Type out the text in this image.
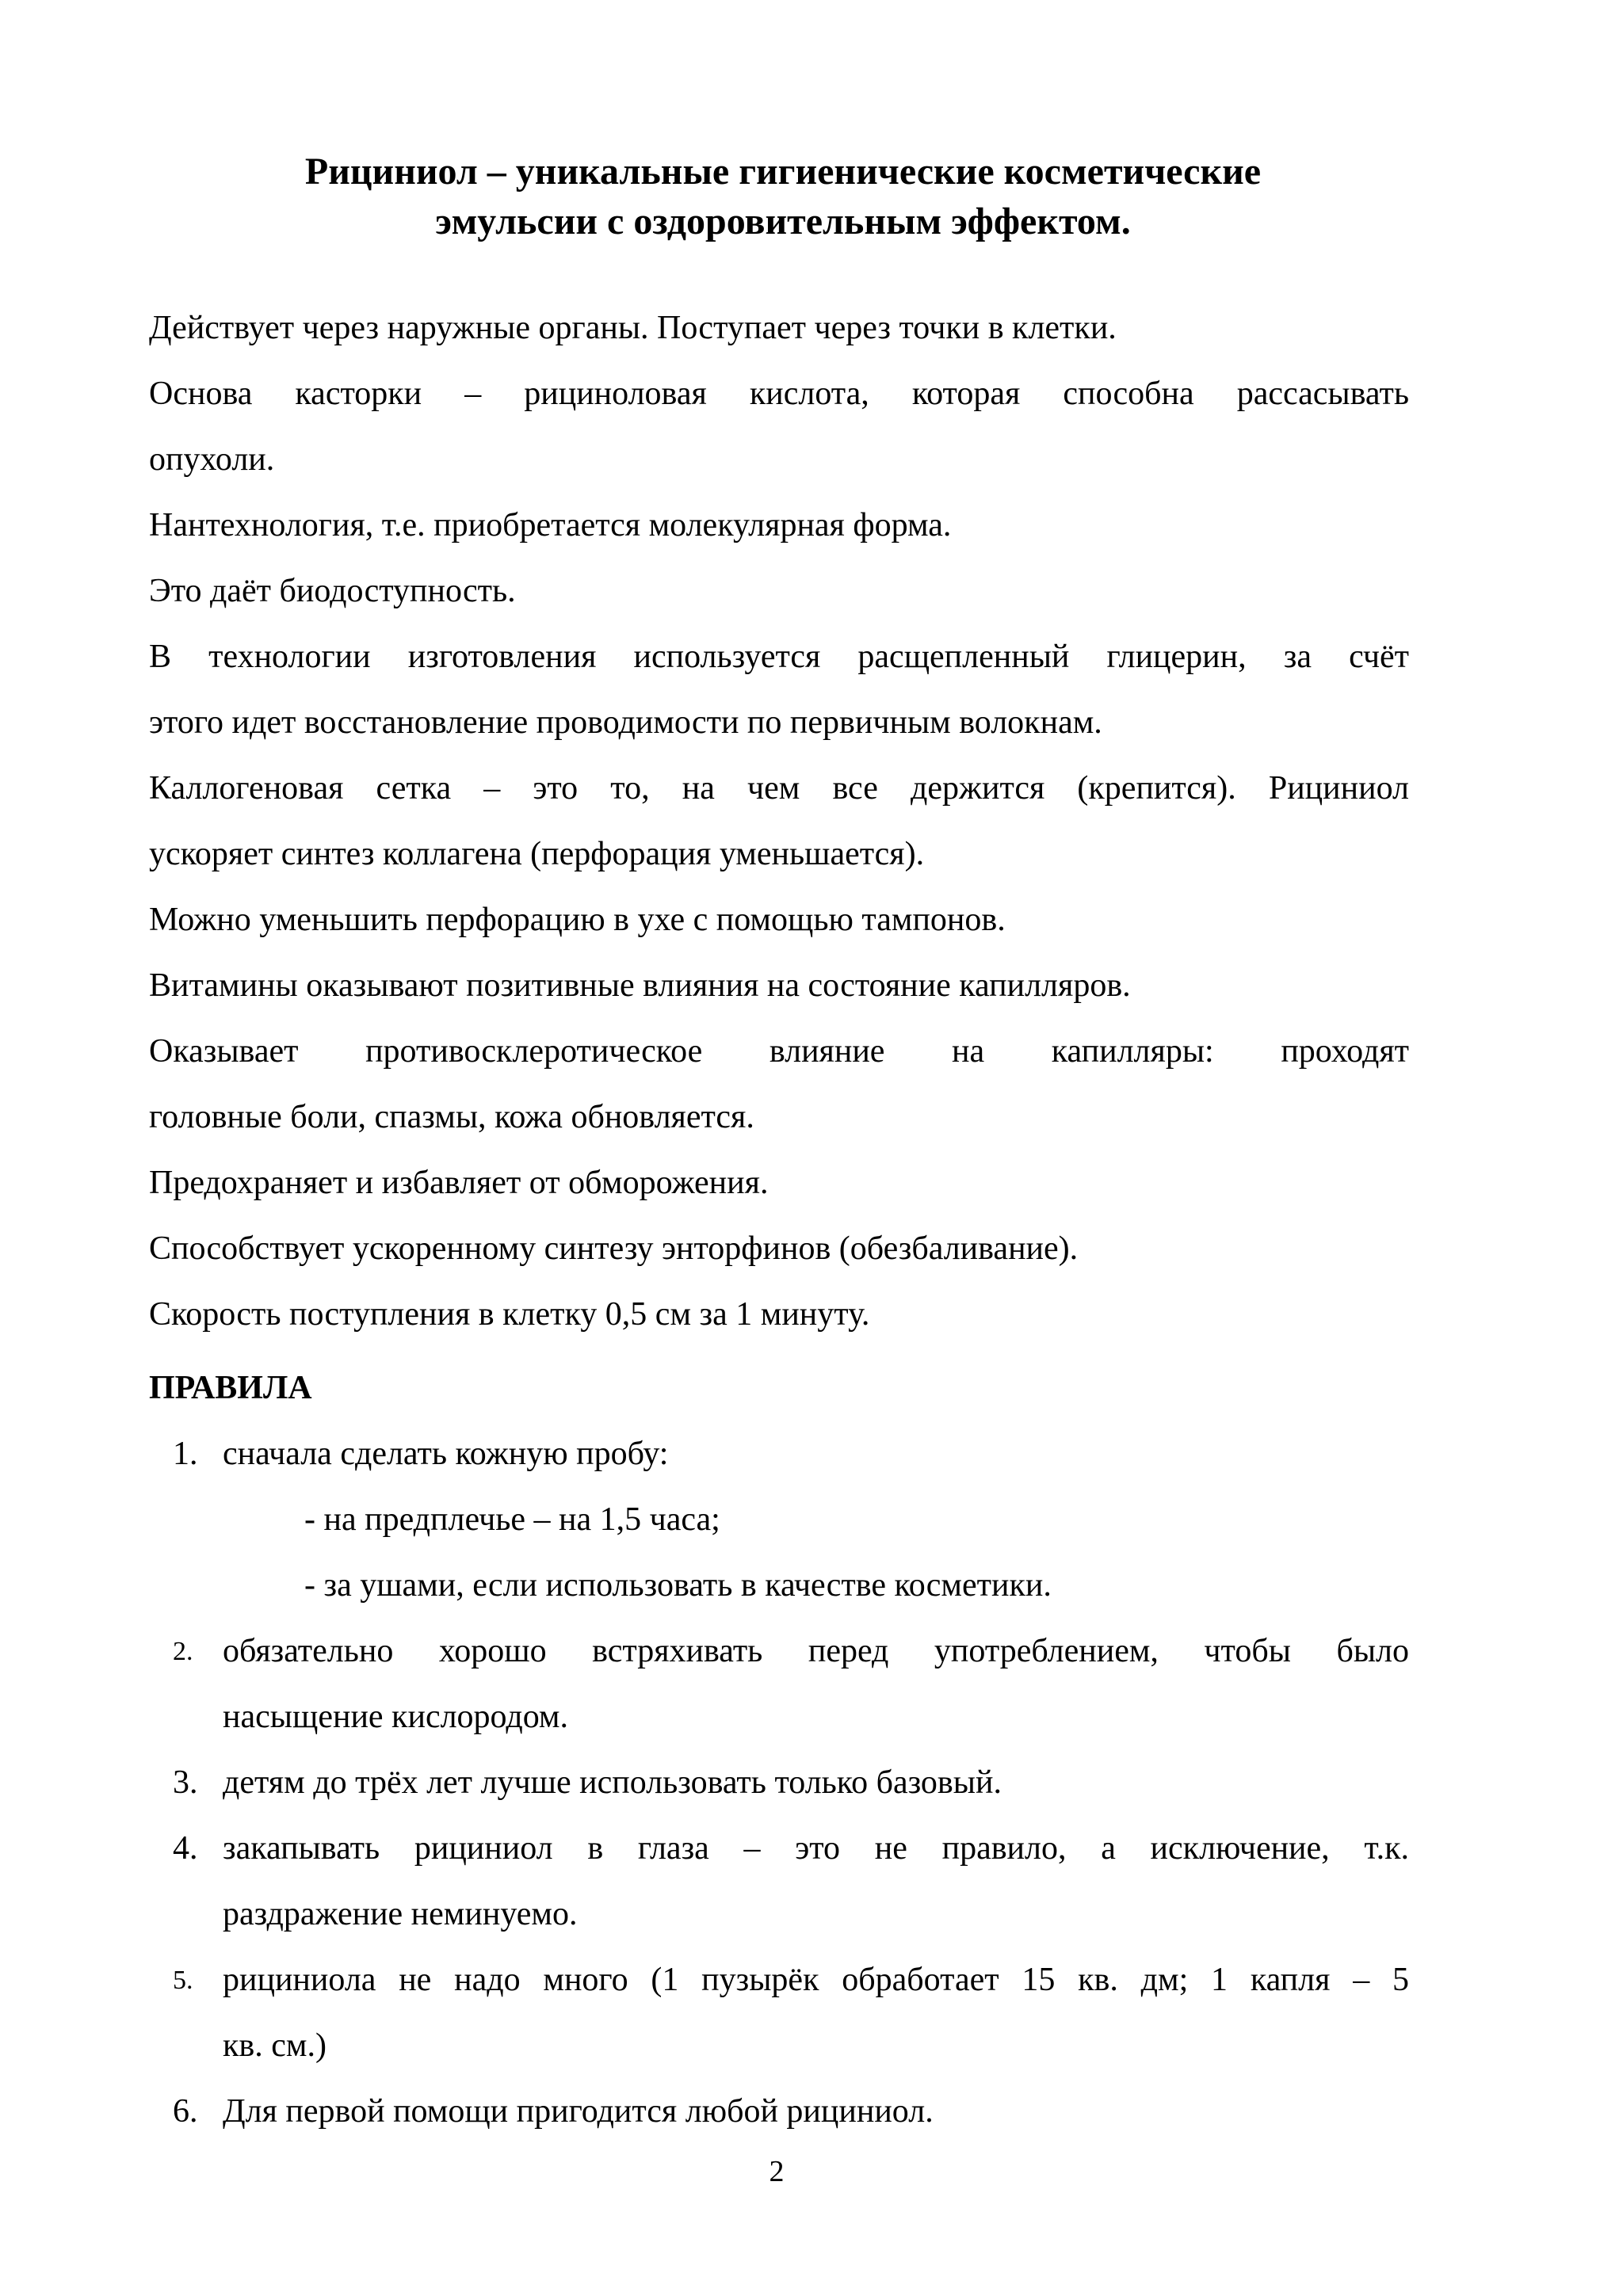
Рициниол – уникальные гигиенические косметические
эмульсии с оздоровительным эффектом.
Действует через наружные органы. Поступает через точки в клетки.
Основа касторки – рициноловая кислота, которая способна рассасывать
опухоли.
Нантехнология, т.е. приобретается молекулярная форма.
Это даёт биодоступность.
В технологии изготовления используется расщепленный глицерин, за счёт
этого идет восстановление проводимости по первичным волокнам.
Каллогеновая сетка – это то, на чем все держится (крепится). Рициниол
ускоряет синтез коллагена (перфорация уменьшается).
Можно уменьшить перфорацию в ухе с помощью тампонов.
Витамины оказывают позитивные влияния на состояние капилляров.
Оказывает противосклеротическое влияние на капилляры: проходят
головные боли, спазмы, кожа обновляется.
Предохраняет и избавляет от обморожения.
Способствует ускоренному синтезу энторфинов (обезбаливание).
Скорость поступления в клетку 0,5 см за 1 минуту.
ПРАВИЛА
1. сначала сделать кожную пробу:
- на предплечье – на 1,5 часа;
- за ушами, если использовать в качестве косметики.
2. обязательно хорошо встряхивать перед употреблением, чтобы было
насыщение кислородом.
3. детям до трёх лет лучше использовать только базовый.
4. закапывать рициниол в глаза – это не правило, а исключение, т.к.
раздражение неминуемо.
5. рициниола не надо много (1 пузырёк обработает 15 кв. дм; 1 капля – 5
кв. см.)
6. Для первой помощи пригодится любой рициниол.
2
